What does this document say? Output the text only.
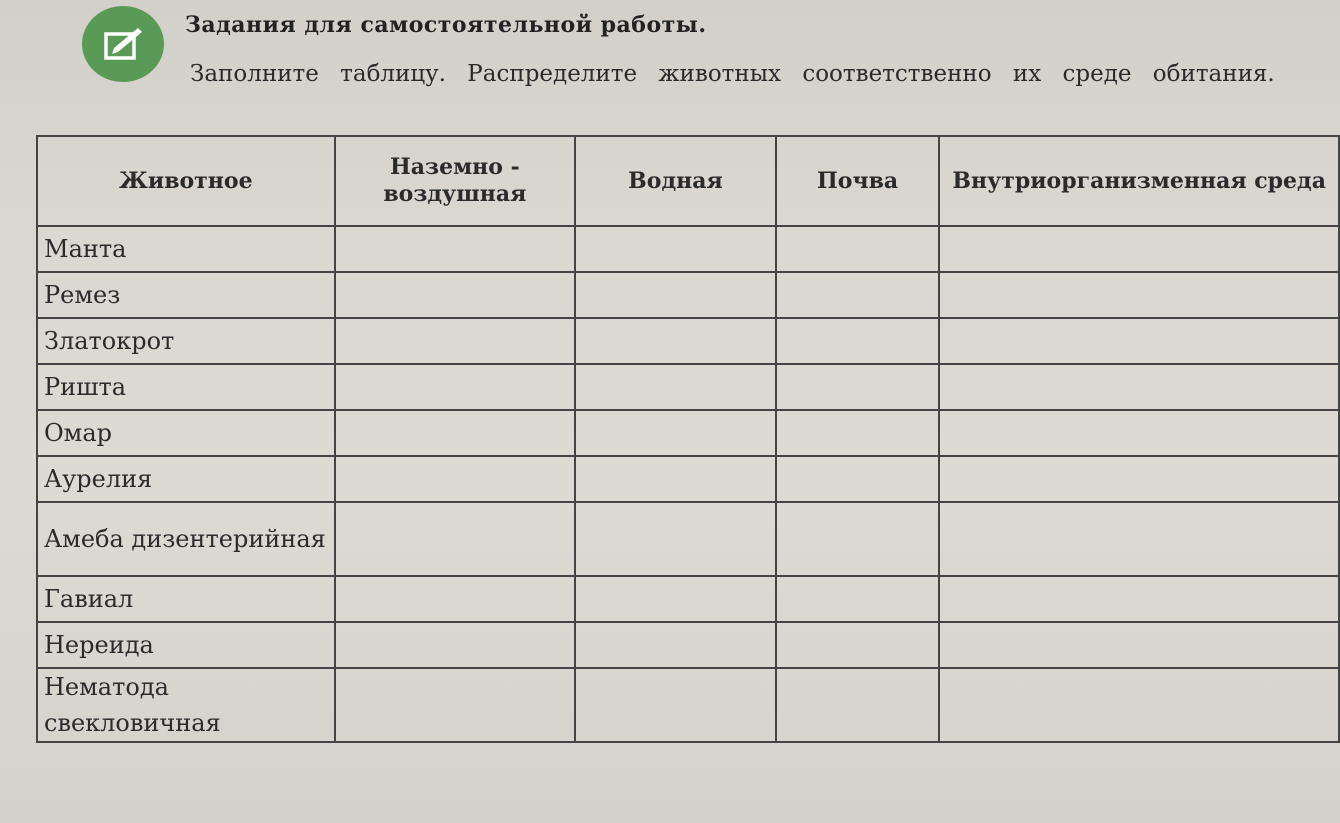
Задания для самостоятельной работы.
Заполните таблицу. Распределите животных соответственно их среде обитания.
Животное	Наземно - воздушная	Водная	Почва	Внутриорганизменная среда
Манта				
Ремез				
Златокрот				
Ришта				
Омар				
Аурелия				
Амеба дизентерийная				
Гавиал				
Нереида				
Нематода свекловичная				
